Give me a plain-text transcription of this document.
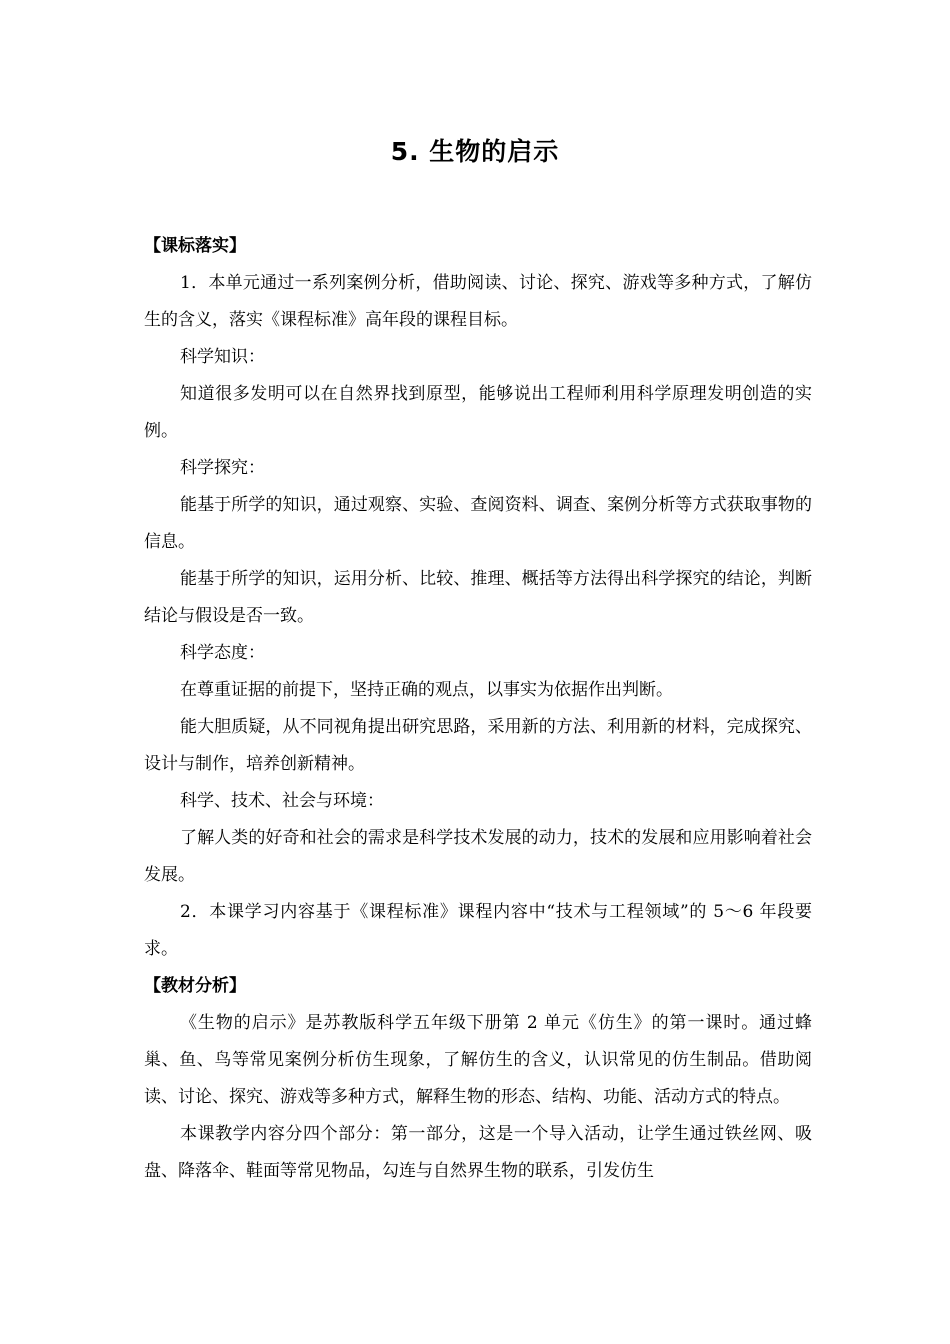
5. 生物的启示

【课标落实】

1．本单元通过一系列案例分析，借助阅读、讨论、探究、游戏等多种方式，了解仿生的含义，落实《课程标准》高年段的课程目标。

科学知识：

知道很多发明可以在自然界找到原型，能够说出工程师利用科学原理发明创造的实例。

科学探究：

能基于所学的知识，通过观察、实验、查阅资料、调查、案例分析等方式获取事物的信息。

能基于所学的知识，运用分析、比较、推理、概括等方法得出科学探究的结论，判断结论与假设是否一致。

科学态度：

在尊重证据的前提下，坚持正确的观点，以事实为依据作出判断。

能大胆质疑，从不同视角提出研究思路，采用新的方法、利用新的材料，完成探究、设计与制作，培养创新精神。

科学、技术、社会与环境：

了解人类的好奇和社会的需求是科学技术发展的动力，技术的发展和应用影响着社会发展。

2．本课学习内容基于《课程标准》课程内容中“技术与工程领域”的 5～6 年段要求。

【教材分析】

《生物的启示》是苏教版科学五年级下册第 2 单元《仿生》的第一课时。通过蜂巢、鱼、鸟等常见案例分析仿生现象，了解仿生的含义，认识常见的仿生制品。借助阅读、讨论、探究、游戏等多种方式，解释生物的形态、结构、功能、活动方式的特点。

本课教学内容分四个部分：第一部分，这是一个导入活动，让学生通过铁丝网、吸盘、降落伞、鞋面等常见物品，勾连与自然界生物的联系，引发仿生
